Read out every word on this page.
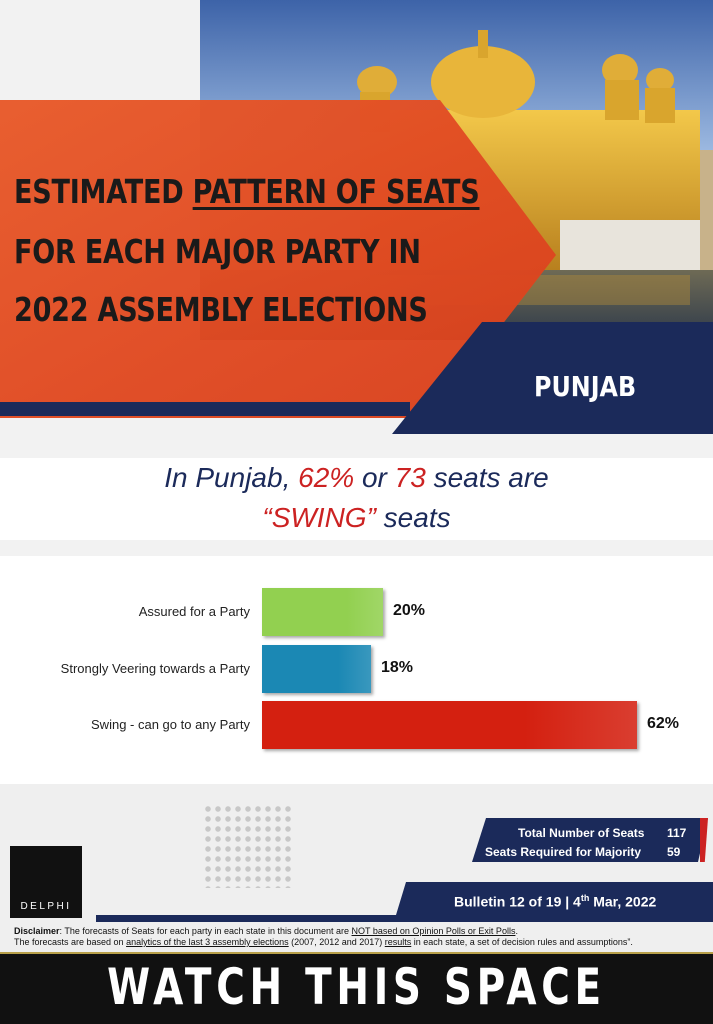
ESTIMATED PATTERN OF SEATS
FOR EACH MAJOR PARTY IN
2022 ASSEMBLY ELECTIONS
PUNJAB
In Punjab, 62% or 73 seats are
“SWING” seats
Assured for a Party	20%
Strongly Veering towards a Party	18%
Swing - can go to any Party	62%
DELPHI
Total Number of Seats 117
Seats Required for Majority 59
Bulletin 12 of 19 | 4th Mar, 2022
Disclaimer: The forecasts of Seats for each party in each state in this document are NOT based on Opinion Polls or Exit Polls.
The forecasts are based on analytics of the last 3 assembly elections (2007, 2012 and 2017) results in each state, a set of decision rules and assumptions”.
WATCH THIS SPACE
